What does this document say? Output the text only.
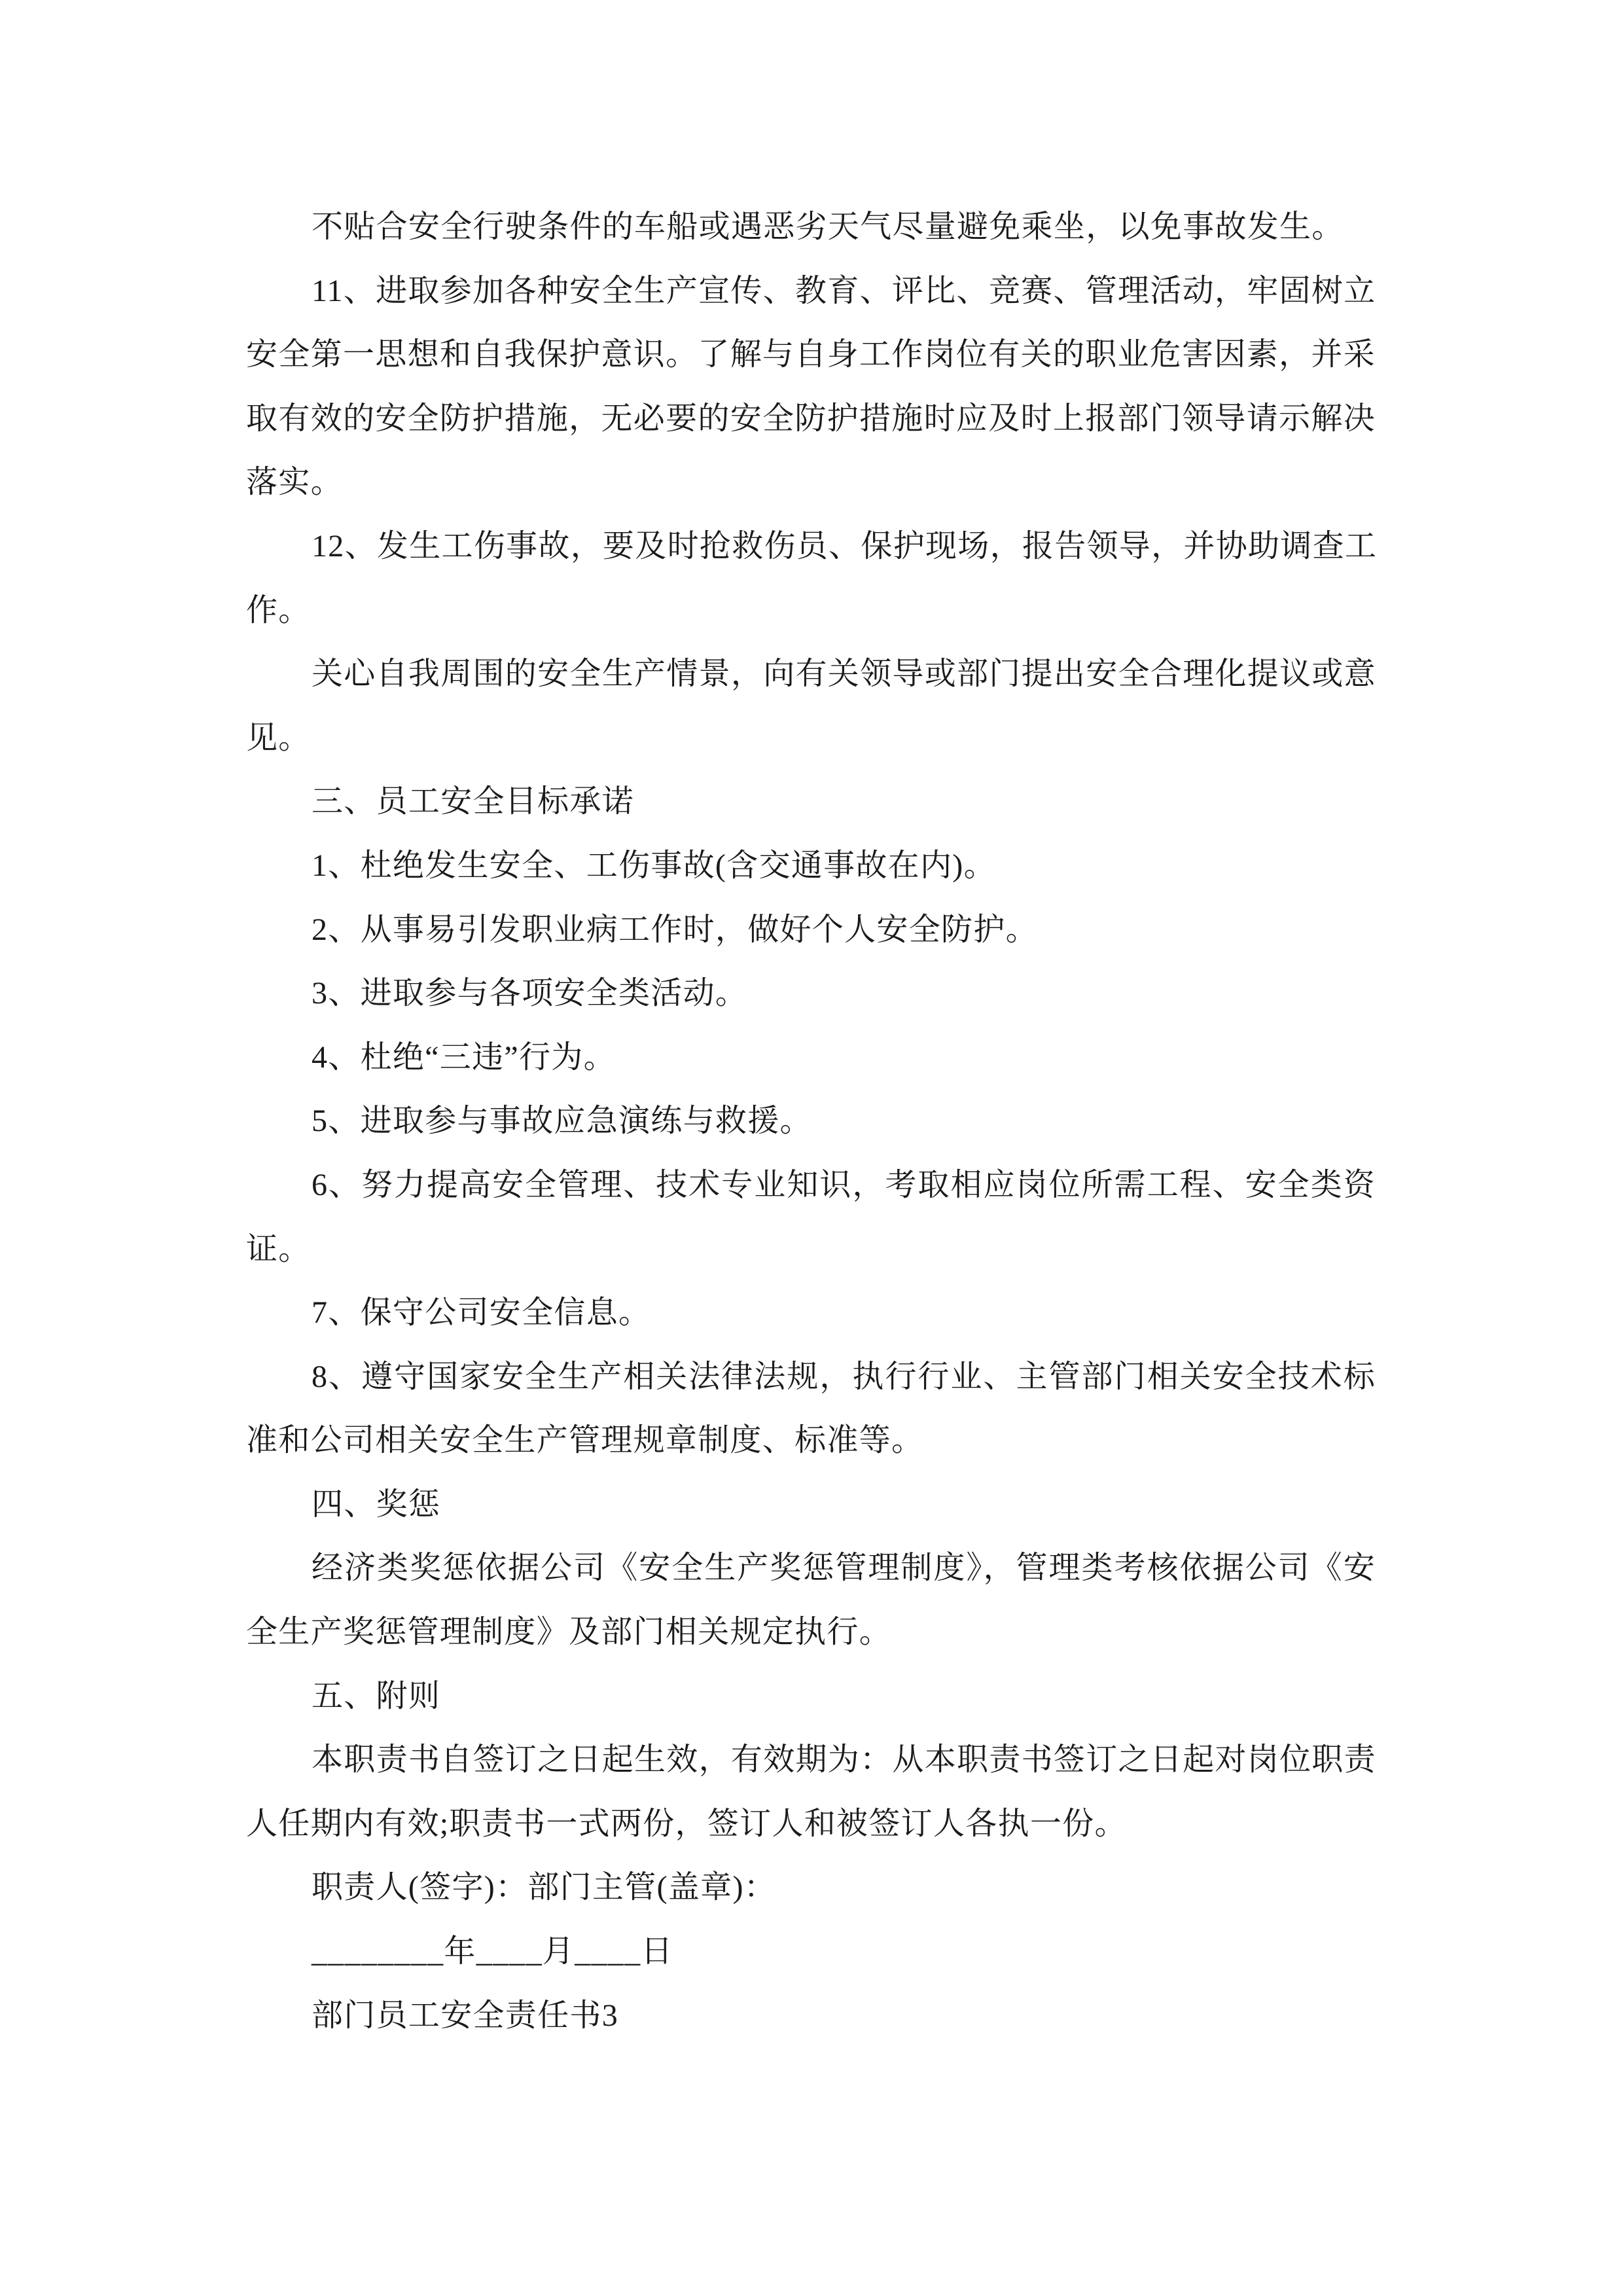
不贴合安全行驶条件的车船或遇恶劣天气尽量避免乘坐，以免事故发生。
11、进取参加各种安全生产宣传、教育、评比、竞赛、管理活动，牢固树立
安全第一思想和自我保护意识。了解与自身工作岗位有关的职业危害因素，并采
取有效的安全防护措施，无必要的安全防护措施时应及时上报部门领导请示解决
落实。
12、发生工伤事故，要及时抢救伤员、保护现场，报告领导，并协助调查工
作。
关心自我周围的安全生产情景，向有关领导或部门提出安全合理化提议或意
见。
三、员工安全目标承诺
1、杜绝发生安全、工伤事故(含交通事故在内)。
2、从事易引发职业病工作时，做好个人安全防护。
3、进取参与各项安全类活动。
4、杜绝“三违”行为。
5、进取参与事故应急演练与救援。
6、努力提高安全管理、技术专业知识，考取相应岗位所需工程、安全类资
证。
7、保守公司安全信息。
8、遵守国家安全生产相关法律法规，执行行业、主管部门相关安全技术标
准和公司相关安全生产管理规章制度、标准等。
四、奖惩
经济类奖惩依据公司《安全生产奖惩管理制度》，管理类考核依据公司《安
全生产奖惩管理制度》及部门相关规定执行。
五、附则
本职责书自签订之日起生效，有效期为：从本职责书签订之日起对岗位职责
人任期内有效;职责书一式两份，签订人和被签订人各执一份。
职责人(签字)：部门主管(盖章)：
________年____月____日
部门员工安全责任书3
